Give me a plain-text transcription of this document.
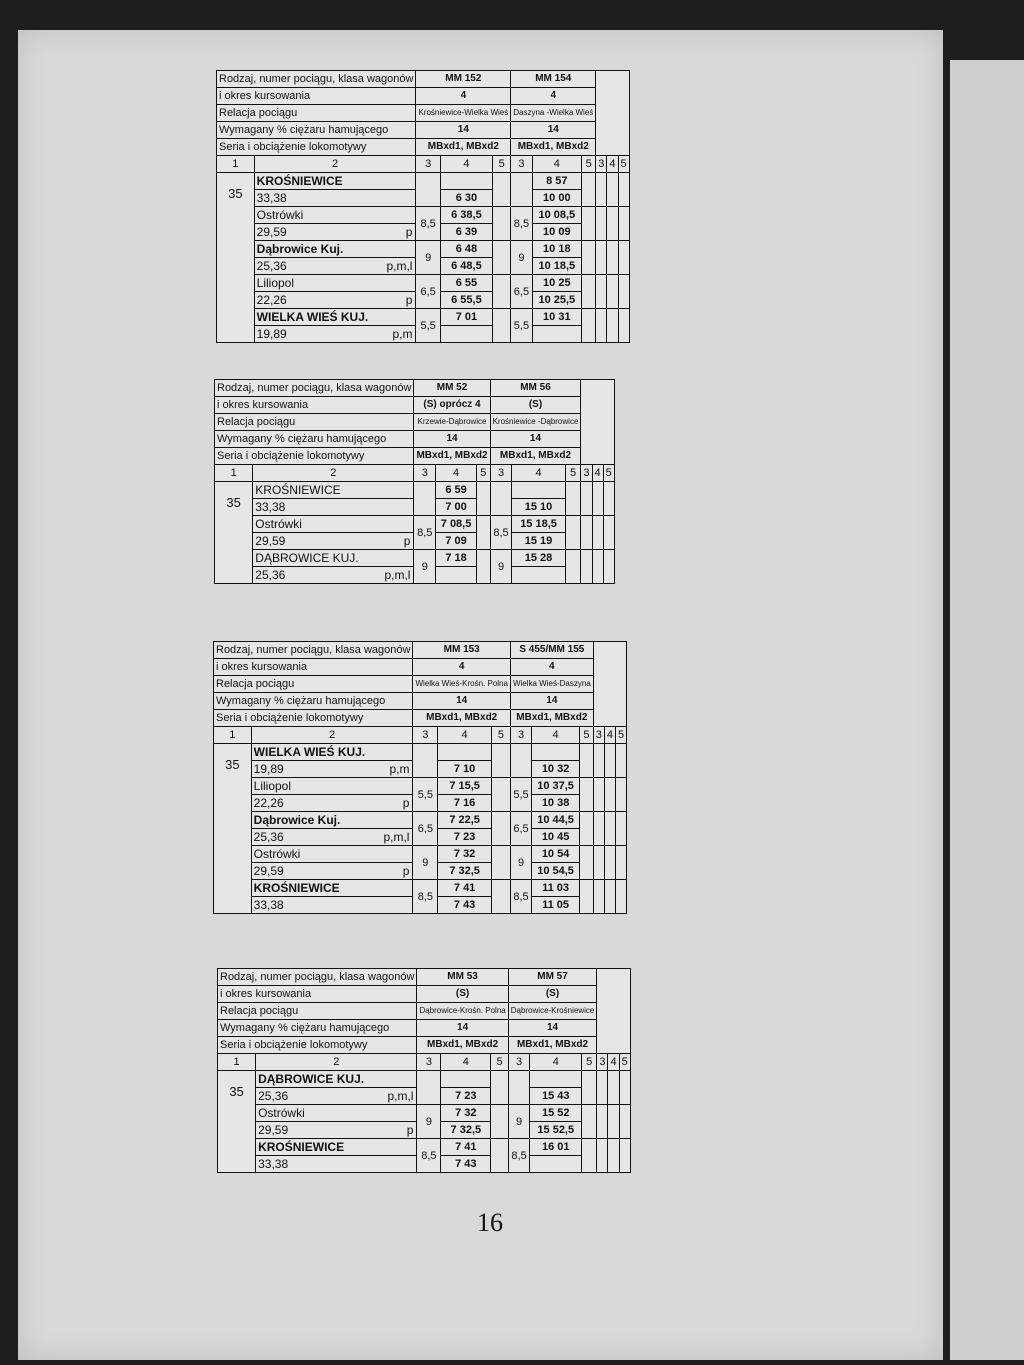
Rodzaj, numer pociągu, klasa wagonów		MM 152			MM 154					
i okres kursowania		4			4					
Relacja pociągu		Krośniewice-Wielka Wieś			Daszyna -Wielka Wieś					
Wymagany % ciężaru hamującego		14			14					
Seria i obciążenie lokomotywy		MBxd1, MBxd2			MBxd1, MBxd2					
1	2	3	4	5	3	4	5	3	4	5
35	KROŚNIEWICE					8 57				
	33,38		6 30			10 00				
	Ostrówki	8,5	6 38,5		8,5	10 08,5				
	29,59 p		6 39			10 09				
	Dąbrowice Kuj.	9	6 48		9	10 18				
	25,36 p,m,l		6 48,5			10 18,5				
	Liliopol	6,5	6 55		6,5	10 25				
	22,26 p		6 55,5			10 25,5				
	WIELKA WIEŚ KUJ.	5,5	7 01		5,5	10 31				
	19,89 p,m									

Rodzaj, numer pociągu, klasa wagonów		MM 52			MM 56					
i okres kursowania		(S) oprócz 4			(S)					
Relacja pociągu		Krzewie-Dąbrowice			Krośniewice -Dąbrowice					
Wymagany % ciężaru hamującego		14			14					
Seria i obciążenie lokomotywy		MBxd1, MBxd2			MBxd1, MBxd2					
1	2	3	4	5	3	4	5	3	4	5
35	KROŚNIEWICE		6 59							
	33,38		7 00			15 10				
	Ostrówki	8,5	7 08,5		8,5	15 18,5				
	29,59 p		7 09			15 19				
	DĄBROWICE KUJ.	9	7 18		9	15 28				
	25,36 p,m,l									

Rodzaj, numer pociągu, klasa wagonów		MM 153			S 455/MM 155					
i okres kursowania		4			4					
Relacja pociągu		Wielka Wieś-Krośn. Polna			Wielka Wieś-Daszyna					
Wymagany % ciężaru hamującego		14			14					
Seria i obciążenie lokomotywy		MBxd1, MBxd2			MBxd1, MBxd2					
1	2	3	4	5	3	4	5	3	4	5
35	WIELKA WIEŚ KUJ.									
	19,89 p,m		7 10			10 32				
	Liliopol	5,5	7 15,5		5,5	10 37,5				
	22,26 p		7 16			10 38				
	Dąbrowice Kuj.	6,5	7 22,5		6,5	10 44,5				
	25,36 p,m,l		7 23			10 45				
	Ostrówki	9	7 32		9	10 54				
	29,59 p		7 32,5			10 54,5				
	KROŚNIEWICE	8,5	7 41		8,5	11 03				
	33,38		7 43			11 05				
Rodzaj, numer pociągu, klasa wagonów		MM 53			MM 57					
i okres kursowania		(S)			(S)					
Relacja pociągu		Dąbrowice-Krośn. Polna			Dąbrowice-Krośniewice					
Wymagany % ciężaru hamującego		14			14					
Seria i obciążenie lokomotywy		MBxd1, MBxd2			MBxd1, MBxd2					
1	2	3	4	5	3	4	5	3	4	5
35	DĄBROWICE KUJ.									
	25,36 p,m,l		7 23			15 43				
	Ostrówki	9	7 32		9	15 52				
	29,59 p		7 32,5			15 52,5				
	KROŚNIEWICE	8,5	7 41		8,5	16 01				
	33,38		7 43							
16
